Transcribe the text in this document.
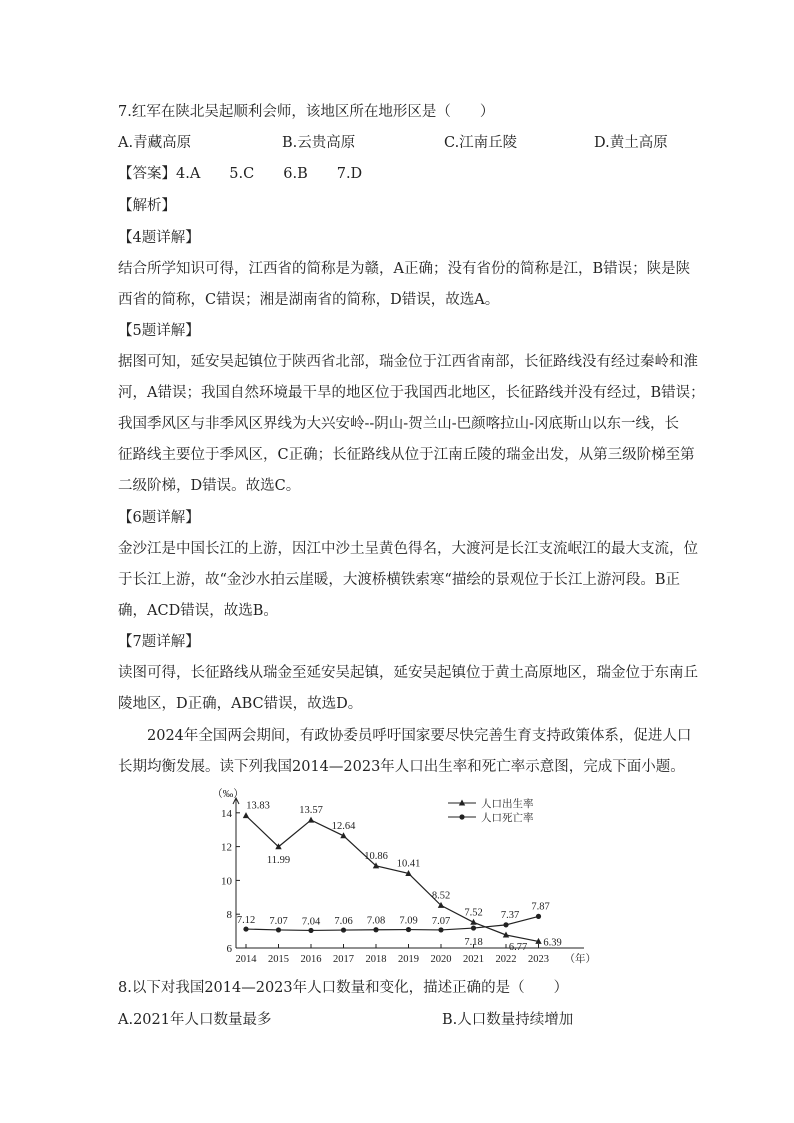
7.红军在陕北吴起顺利会师，该地区所在地形区是（　　）
A.青藏高原	B.云贵高原	C.江南丘陵	D.黄土高原
【答案】4.A　　5.C　　6.B　　7.D
【解析】
【4题详解】
结合所学知识可得，江西省的简称是为赣，A正确；没有省份的简称是江，B错误；陕是陕
西省的简称，C错误；湘是湖南省的简称，D错误，故选A。
【5题详解】
据图可知，延安吴起镇位于陕西省北部，瑞金位于江西省南部，长征路线没有经过秦岭和淮
河，A错误；我国自然环境最干旱的地区位于我国西北地区，长征路线并没有经过，B错误；
我国季风区与非季风区界线为大兴安岭--阴山-贺兰山-巴颜喀拉山-冈底斯山以东一线，长
征路线主要位于季风区，C正确；长征路线从位于江南丘陵的瑞金出发，从第三级阶梯至第
二级阶梯，D错误。故选C。
【6题详解】
金沙江是中国长江的上游，因江中沙土呈黄色得名，大渡河是长江支流岷江的最大支流，位
于长江上游，故“金沙水拍云崖暖，大渡桥横铁索寒“描绘的景观位于长江上游河段。B正
确，ACD错误，故选B。
【7题详解】
读图可得，长征路线从瑞金至延安吴起镇，延安吴起镇位于黄土高原地区，瑞金位于东南丘
陵地区，D正确，ABC错误，故选D。
　　2024年全国两会期间，有政协委员呼吁国家要尽快完善生育支持政策体系，促进人口
长期均衡发展。读下列我国2014—2023年人口出生率和死亡率示意图，完成下面小题。
6
8
10
12
14
（‰）
2014 2015 2016 2017 2018 2019 2020 2021 2022 2023 （年）
13.83
11.99
13.57
12.64
10.86
10.41
8.52
7.52
6.77 6.39
7.12 7.07 7.04 7.06 7.08 7.09 7.07
7.18
7.37
7.87
人口出生率
人口死亡率
8.以下对我国2014—2023年人口数量和变化，描述正确的是（　　）
A.2021年人口数量最多	B.人口数量持续增加
